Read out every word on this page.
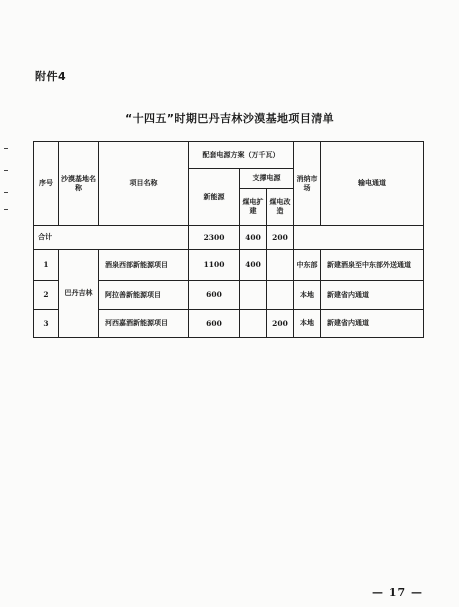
附件4
“十四五”时期巴丹吉林沙漠基地项目清单
序号	沙漠基地名称	项目名称	配套电源方案（万千瓦）			消纳市场	输电通道
			新能源	支撑电源			
				煤电扩建	煤电改造		
合计			2300	400	200		
1	巴丹吉林	酒泉西部新能源项目	1100	400		中东部	新建酒泉至中东部外送通道
2		阿拉善新能源项目	600			本地	新建省内通道
3		河西嘉酒新能源项目	600		200	本地	新建省内通道
— 17 —
